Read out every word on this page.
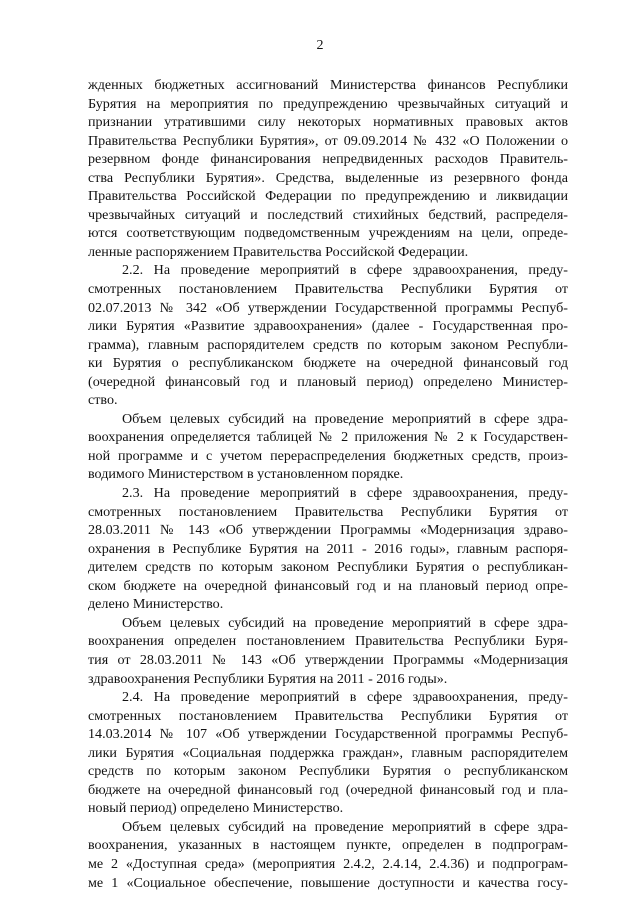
2
жденных бюджетных ассигнований Министерства финансов Республики
Бурятия на мероприятия по предупреждению чрезвычайных ситуаций и
признании утратившими силу некоторых нормативных правовых актов
Правительства Республики Бурятия», от 09.09.2014 № 432 «О Положении о
резервном фонде финансирования непредвиденных расходов Правитель-
ства Республики Бурятия». Средства, выделенные из резервного фонда
Правительства Российской Федерации по предупреждению и ликвидации
чрезвычайных ситуаций и последствий стихийных бедствий, распределя-
ются соответствующим подведомственным учреждениям на цели, опреде-
ленные распоряжением Правительства Российской Федерации.
2.2. На проведение мероприятий в сфере здравоохранения, преду-
смотренных постановлением Правительства Республики Бурятия от
02.07.2013 № 342 «Об утверждении Государственной программы Респуб-
лики Бурятия «Развитие здравоохранения» (далее - Государственная про-
грамма), главным распорядителем средств по которым законом Республи-
ки Бурятия о республиканском бюджете на очередной финансовый год
(очередной финансовый год и плановый период) определено Министер-
ство.
Объем целевых субсидий на проведение мероприятий в сфере здра-
воохранения определяется таблицей № 2 приложения № 2 к Государствен-
ной программе и с учетом перераспределения бюджетных средств, произ-
водимого Министерством в установленном порядке.
2.3. На проведение мероприятий в сфере здравоохранения, преду-
смотренных постановлением Правительства Республики Бурятия от
28.03.2011 № 143 «Об утверждении Программы «Модернизация здраво-
охранения в Республике Бурятия на 2011 - 2016 годы», главным распоря-
дителем средств по которым законом Республики Бурятия о республикан-
ском бюджете на очередной финансовый год и на плановый период опре-
делено Министерство.
Объем целевых субсидий на проведение мероприятий в сфере здра-
воохранения определен постановлением Правительства Республики Буря-
тия от 28.03.2011 № 143 «Об утверждении Программы «Модернизация
здравоохранения Республики Бурятия на 2011 - 2016 годы».
2.4. На проведение мероприятий в сфере здравоохранения, преду-
смотренных постановлением Правительства Республики Бурятия от
14.03.2014 № 107 «Об утверждении Государственной программы Респуб-
лики Бурятия «Социальная поддержка граждан», главным распорядителем
средств по которым законом Республики Бурятия о республиканском
бюджете на очередной финансовый год (очередной финансовый год и пла-
новый период) определено Министерство.
Объем целевых субсидий на проведение мероприятий в сфере здра-
воохранения, указанных в настоящем пункте, определен в подпрограм-
ме 2 «Доступная среда» (мероприятия 2.4.2, 2.4.14, 2.4.36) и подпрограм-
ме 1 «Социальное обеспечение, повышение доступности и качества госу-
